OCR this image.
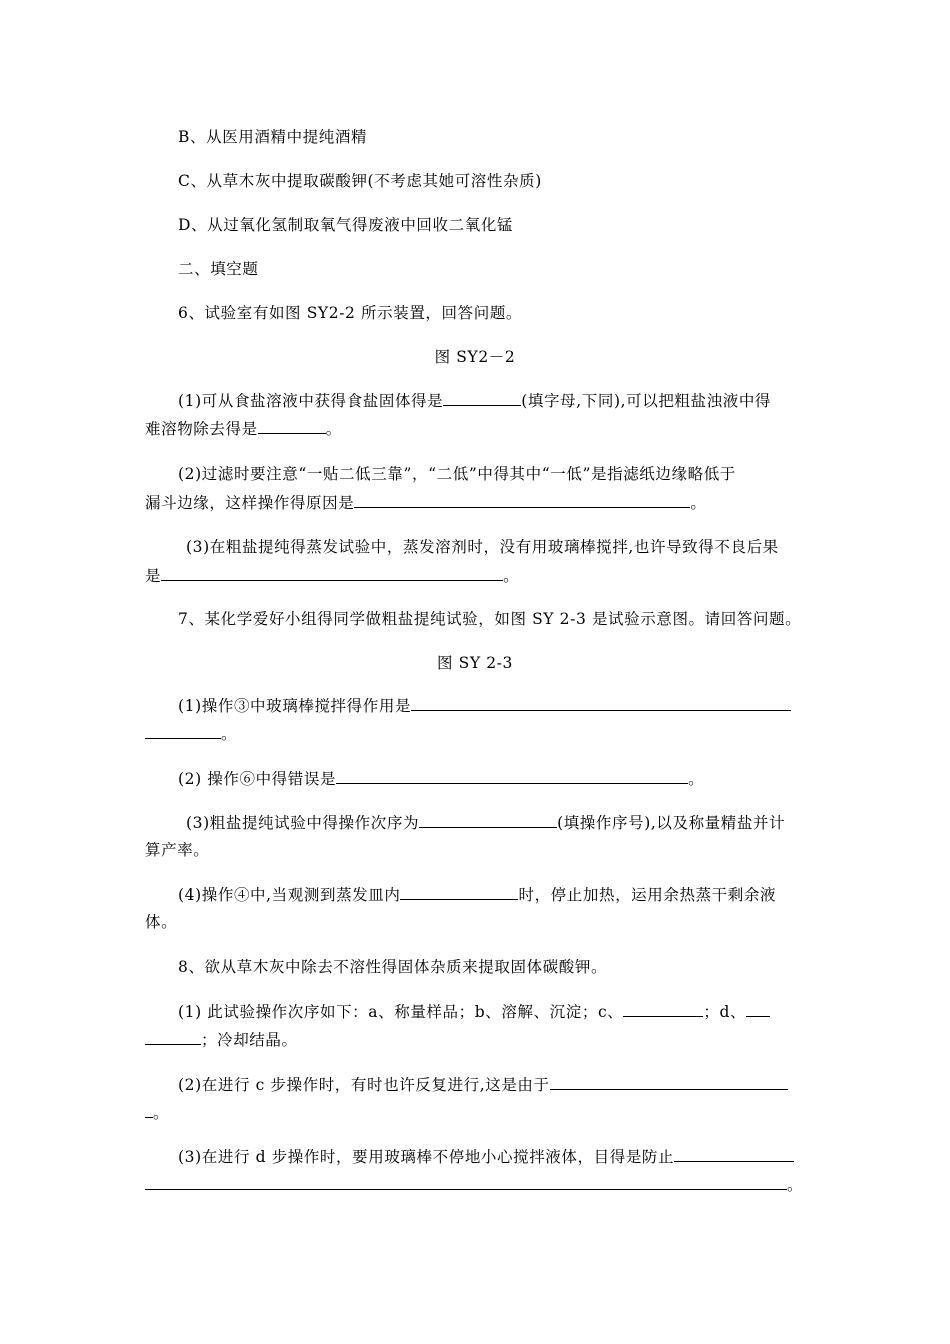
B、从医用酒精中提纯酒精
C、从草木灰中提取碳酸钾(不考虑其她可溶性杂质)
D、从过氧化氢制取氧气得废液中回收二氧化锰
二、填空题
6、试验室有如图 SY2-2 所示装置，回答问题。
图 SY2－2
(1)可从食盐溶液中获得食盐固体得是	(填字母,下同),可以把粗盐浊液中得
难溶物除去得是	。
(2)过滤时要注意“一贴二低三靠”，“二低”中得其中“一低”是指滤纸边缘略低于
漏斗边缘，这样操作得原因是	。
(3)在粗盐提纯得蒸发试验中，蒸发溶剂时，没有用玻璃棒搅拌,也许导致得不良后果
是	。
7、某化学爱好小组得同学做粗盐提纯试验，如图 SY 2-3 是试验示意图。请回答问题。
图 SY 2-3
(1)操作③中玻璃棒搅拌得作用是
。
(2) 操作⑥中得错误是	。
(3)粗盐提纯试验中得操作次序为	(填操作序号),以及称量精盐并计
算产率。
(4)操作④中,当观测到蒸发皿内	时，停止加热，运用余热蒸干剩余液
体。
8、欲从草木灰中除去不溶性得固体杂质来提取固体碳酸钾。
(1) 此试验操作次序如下：a、称量样品；b、溶解、沉淀；c、	；d、
；冷却结晶。
(2)在进行 c 步操作时，有时也许反复进行,这是由于
。
(3)在进行 d 步操作时，要用玻璃棒不停地小心搅拌液体，目得是防止
。
